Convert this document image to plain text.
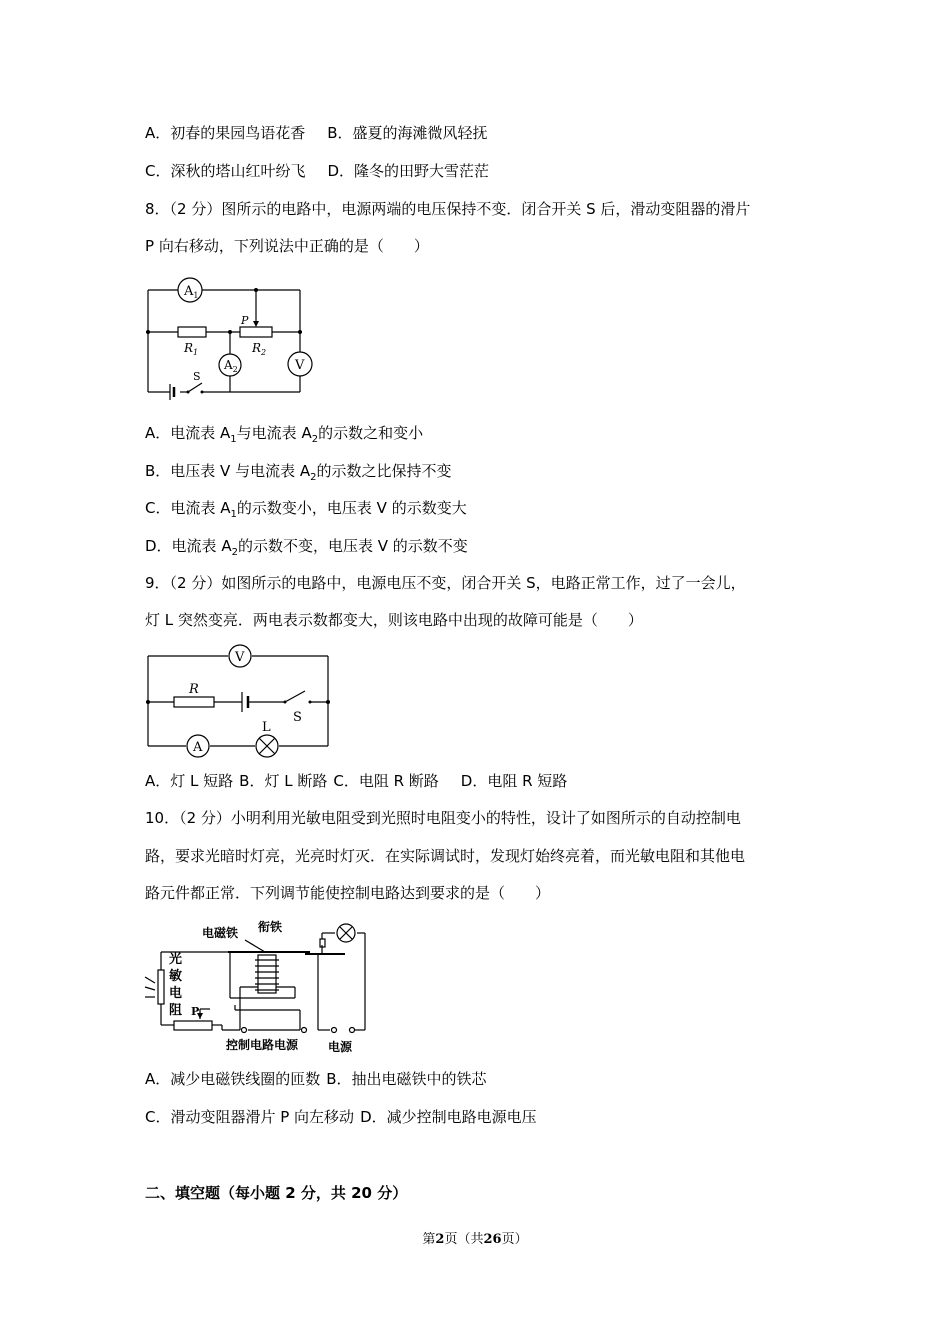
A．初春的果园鸟语花香 B．盛夏的海滩微风轻抚
C．深秋的塔山红叶纷飞 D．隆冬的田野大雪茫茫
8．（2 分）图所示的电路中，电源两端的电压保持不变．闭合开关 S 后，滑动变阻器的滑片
P 向右移动，下列说法中正确的是（　　）
$A_1$
$A_2$	V
$R_1$	$R_2$
P
S
A．电流表 $A_1$与电流表 $A_2$的示数之和变小
B．电压表 V 与电流表 $A_2$的示数之比保持不变
C．电流表 $A_1$的示数变小，电压表 V 的示数变大
D．电流表 $A_2$的示数不变，电压表 V 的示数不变
9．（2 分）如图所示的电路中，电源电压不变，闭合开关 S，电路正常工作，过了一会儿，
灯 L 突然变亮．两电表示数都变大，则该电路中出现的故障可能是（　　）
V
A
R
S
L
A．灯 L 短路 B．灯 L 断路 C．电阻 R 断路 D．电阻 R 短路
10．（2 分）小明利用光敏电阻受到光照时电阻变小的特性，设计了如图所示的自动控制电
路，要求光暗时灯亮，光亮时灯灭．在实际调试时，发现灯始终亮着，而光敏电阻和其他电
路元件都正常．下列调节能使控制电路达到要求的是（　　）
电磁铁 衔铁
光
敏
电
阻 P
控制电路电源 电源
A．减少电磁铁线圈的匝数 B．抽出电磁铁中的铁芯
C．滑动变阻器滑片 P 向左移动 D．减少控制电路电源电压
二、填空题（每小题 2 分，共 20 分）
第2页（共26页）
